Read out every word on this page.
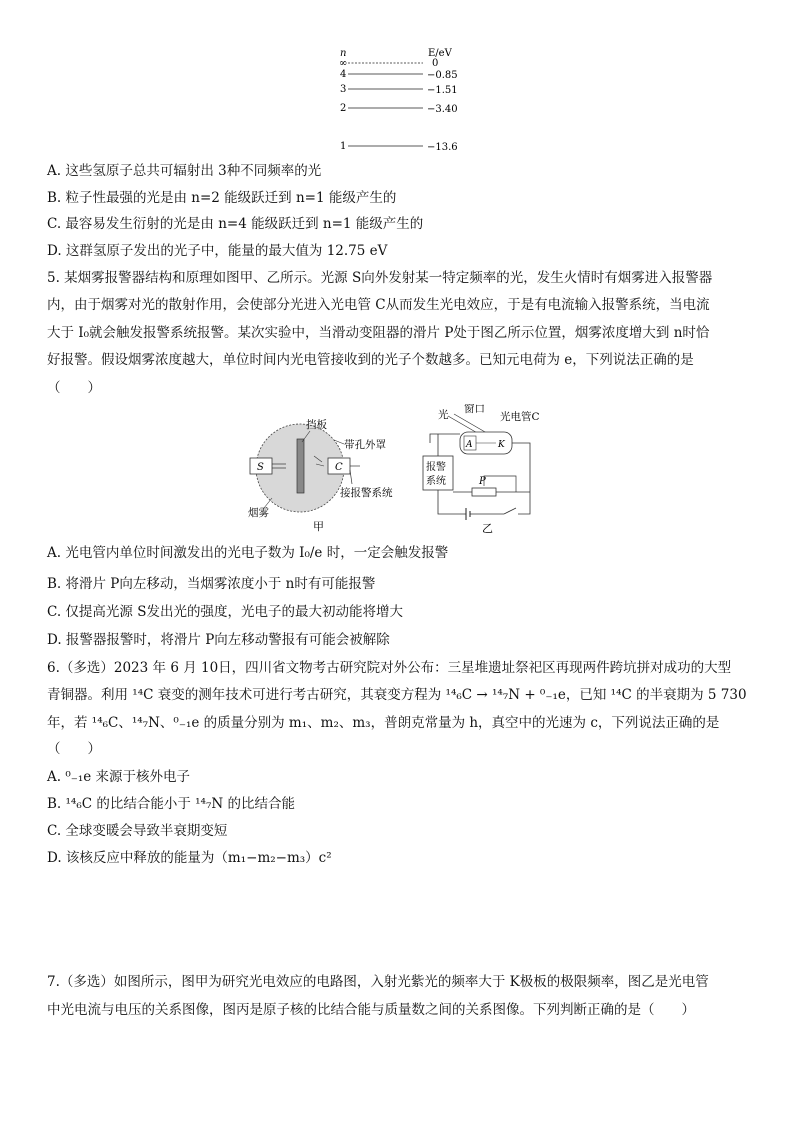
n	E/eV
∞	0
4	−0.85
3	−1.51
2	−3.40
1	−13.6
A. 这些氢原子总共可辐射出 3种不同频率的光
B. 粒子性最强的光是由 n=2 能级跃迁到 n=1 能级产生的
C. 最容易发生衍射的光是由 n=4 能级跃迁到 n=1 能级产生的
D. 这群氢原子发出的光子中，能量的最大值为 12.75 eV
5. 某烟雾报警器结构和原理如图甲、乙所示。光源 S向外发射某一特定频率的光，发生火情时有烟雾进入报警器
内，由于烟雾对光的散射作用，会使部分光进入光电管 C从而发生光电效应，于是有电流输入报警系统，当电流
大于 I₀就会触发报警系统报警。某次实验中，当滑动变阻器的滑片 P处于图乙所示位置，烟雾浓度增大到 n时恰
好报警。假设烟雾浓度越大，单位时间内光电管接收到的光子个数越多。已知元电荷为 e，下列说法正确的是
（　　）
S	C
挡板
带孔外罩
接报警系统
烟雾
甲
光 窗口
光电管C
A	K
报警
系统	P
乙
A. 光电管内单位时间激发出的光电子数为 I₀/e 时，一定会触发报警
B. 将滑片 P向左移动，当烟雾浓度小于 n时有可能报警
C. 仅提高光源 S发出光的强度，光电子的最大初动能将增大
D. 报警器报警时，将滑片 P向左移动警报有可能会被解除
6.（多选）2023 年 6 月 10日，四川省文物考古研究院对外公布：三星堆遗址祭祀区再现两件跨坑拼对成功的大型
青铜器。利用 ¹⁴C 衰变的测年技术可进行考古研究，其衰变方程为 ¹⁴₆C → ¹⁴₇N + ⁰₋₁e，已知 ¹⁴C 的半衰期为 5 730
年，若 ¹⁴₆C、¹⁴₇N、⁰₋₁e 的质量分别为 m₁、m₂、m₃，普朗克常量为 h，真空中的光速为 c，下列说法正确的是
（　　）
A. ⁰₋₁e 来源于核外电子
B. ¹⁴₆C 的比结合能小于 ¹⁴₇N 的比结合能
C. 全球变暖会导致半衰期变短
D. 该核反应中释放的能量为（m₁−m₂−m₃）c²
7.（多选）如图所示，图甲为研究光电效应的电路图，入射光紫光的频率大于 K极板的极限频率，图乙是光电管
中光电流与电压的关系图像，图丙是原子核的比结合能与质量数之间的关系图像。下列判断正确的是（　　）
